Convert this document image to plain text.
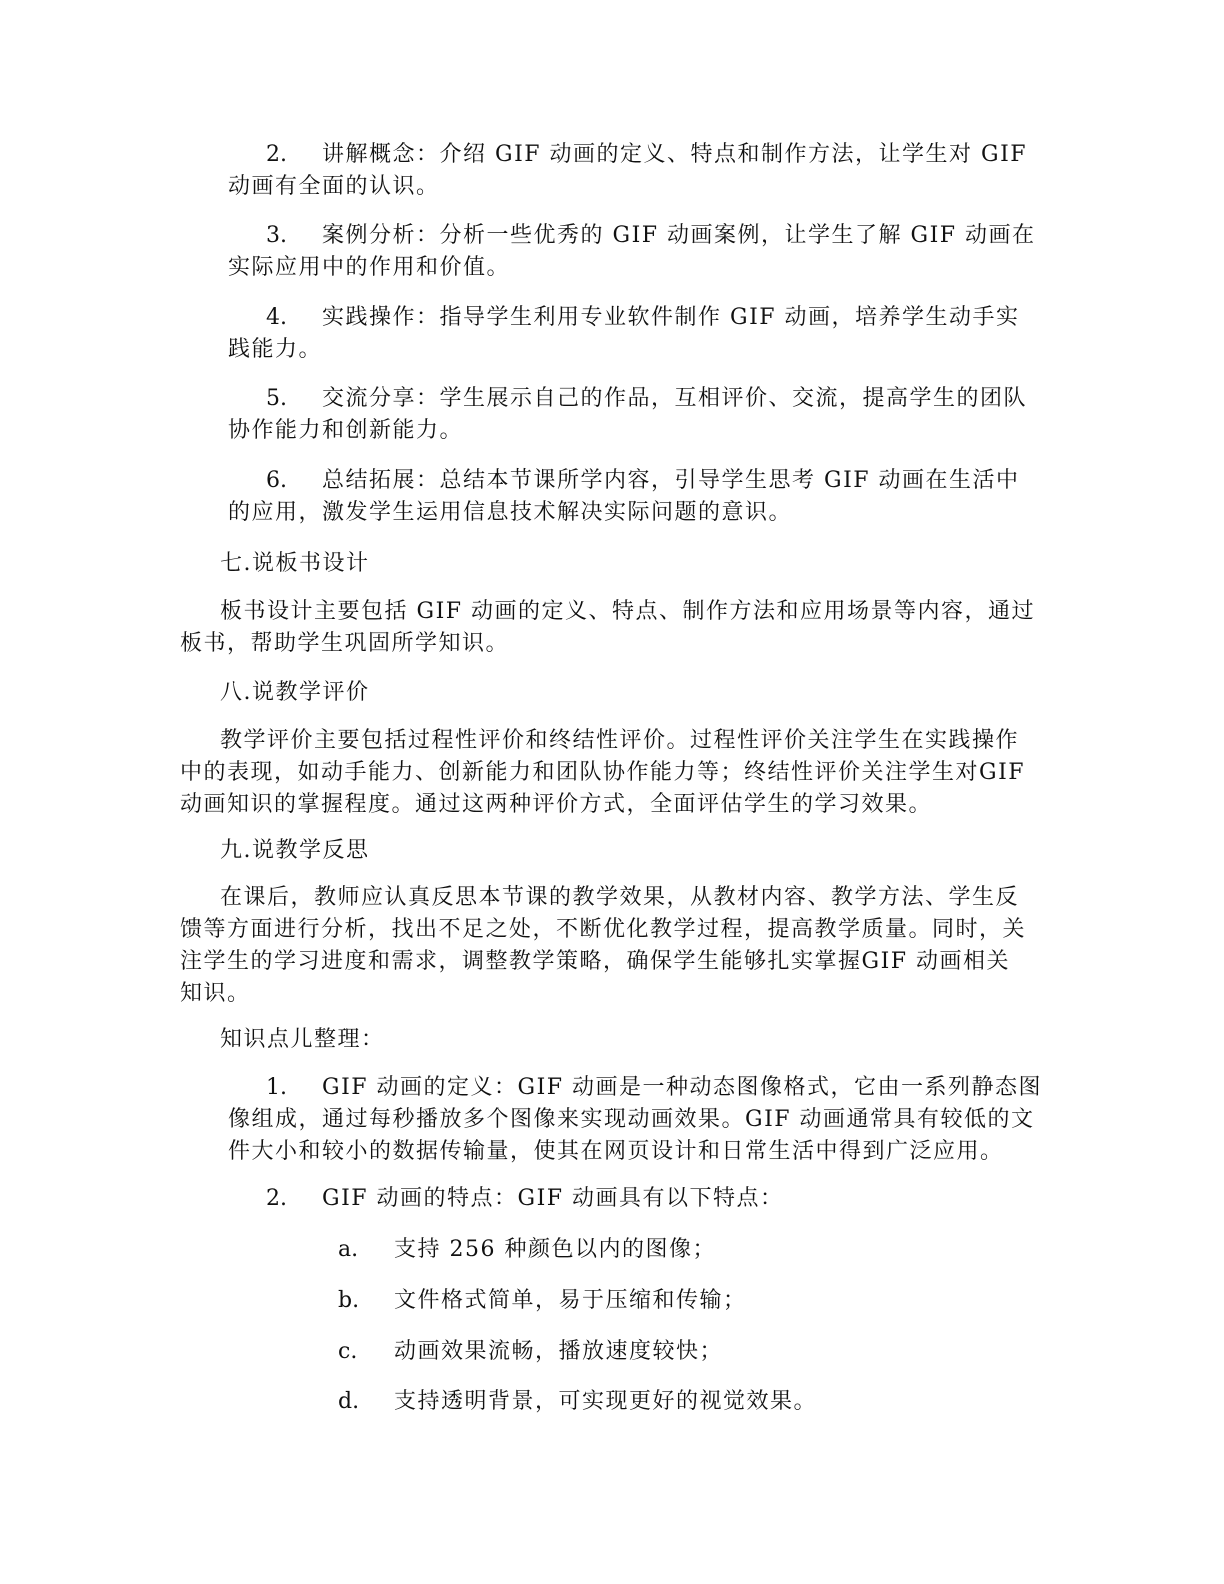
2. 讲解概念：介绍 GIF 动画的定义、特点和制作方法，让学生对 GIF
动画有全面的认识。
3. 案例分析：分析一些优秀的 GIF 动画案例，让学生了解 GIF 动画在
实际应用中的作用和价值。
4. 实践操作：指导学生利用专业软件制作 GIF 动画，培养学生动手实
践能力。
5. 交流分享：学生展示自己的作品，互相评价、交流，提高学生的团队
协作能力和创新能力。
6. 总结拓展：总结本节课所学内容，引导学生思考 GIF 动画在生活中
的应用，激发学生运用信息技术解决实际问题的意识。
七.说板书设计
板书设计主要包括 GIF 动画的定义、特点、制作方法和应用场景等内容，通过
板书，帮助学生巩固所学知识。
八.说教学评价
教学评价主要包括过程性评价和终结性评价。过程性评价关注学生在实践操作
中的表现，如动手能力、创新能力和团队协作能力等；终结性评价关注学生对GIF
动画知识的掌握程度。通过这两种评价方式，全面评估学生的学习效果。
九.说教学反思
在课后，教师应认真反思本节课的教学效果，从教材内容、教学方法、学生反
馈等方面进行分析，找出不足之处，不断优化教学过程，提高教学质量。同时，关
注学生的学习进度和需求，调整教学策略，确保学生能够扎实掌握GIF 动画相关
知识。
知识点儿整理：
1. GIF 动画的定义：GIF 动画是一种动态图像格式，它由一系列静态图
像组成，通过每秒播放多个图像来实现动画效果。GIF 动画通常具有较低的文
件大小和较小的数据传输量，使其在网页设计和日常生活中得到广泛应用。
2. GIF 动画的特点：GIF 动画具有以下特点：
a. 支持 256 种颜色以内的图像；
b. 文件格式简单，易于压缩和传输；
c. 动画效果流畅，播放速度较快；
d. 支持透明背景，可实现更好的视觉效果。
